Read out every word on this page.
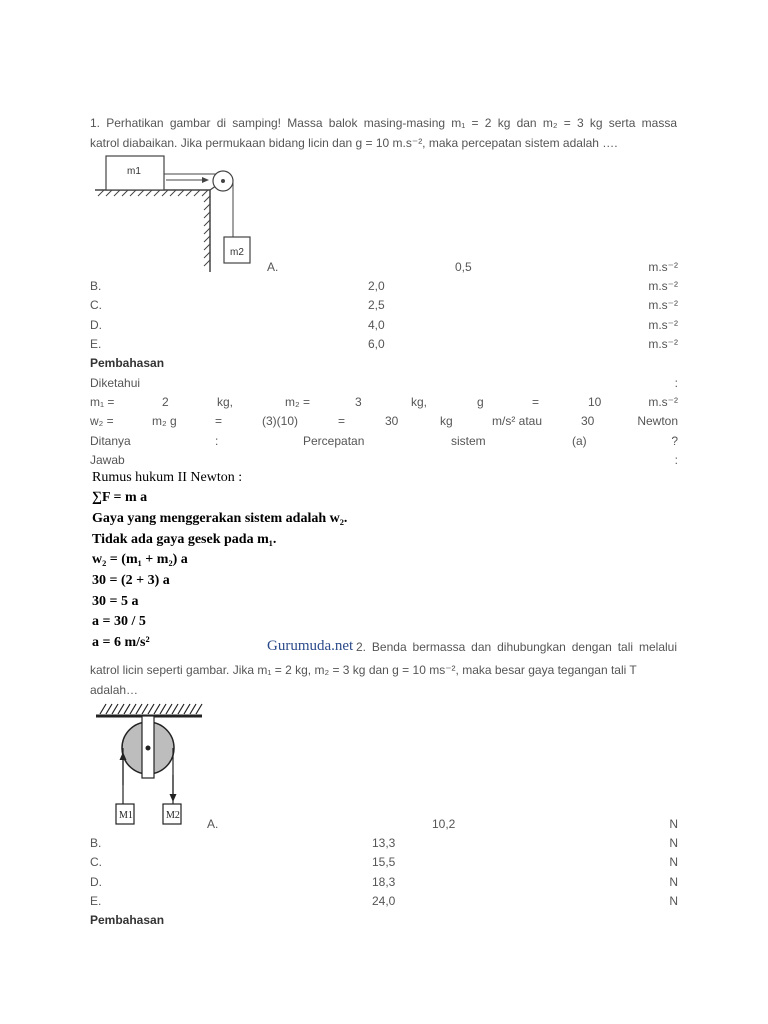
1. Perhatikan gambar di samping! Massa balok masing-masing m₁ = 2 kg dan m₂ = 3 kg serta massa
katrol diabaikan. Jika permukaan bidang licin dan g = 10 m.s⁻², maka percepatan sistem adalah ….
m1
m2
A.	0,5	m.s⁻²
B.	2,0	m.s⁻²
C.	2,5	m.s⁻²
D.	4,0	m.s⁻²
E.	6,0	m.s⁻²
Pembahasan
Diketahui	:
m₁ =	2	kg,	m₂ =	3	kg,	g	=	10	m.s⁻²
w₂ =	m₂ g	=	(3)(10)	=	30	kg	m/s² atau	30	Newton
Ditanya	:	Percepatan	sistem	(a)	?
Jawab	:
Rumus hukum II Newton :
∑F = m a
Gaya yang menggerakan sistem adalah w₂.
Tidak ada gaya gesek pada m₁.
w₂ = (m₁ + m₂) a
30 = (2 + 3) a
30 = 5 a
a = 30 / 5
a = 6 m/s²	Gurumuda.net 2. Benda bermassa dan dihubungkan dengan tali melalui
katrol licin seperti gambar. Jika m₁ = 2 kg, m₂ = 3 kg dan g = 10 ms⁻², maka besar gaya tegangan tali T
adalah…
M1	M2
A.	10,2	N
B.	13,3	N
C.	15,5	N
D.	18,3	N
E.	24,0	N
Pembahasan
